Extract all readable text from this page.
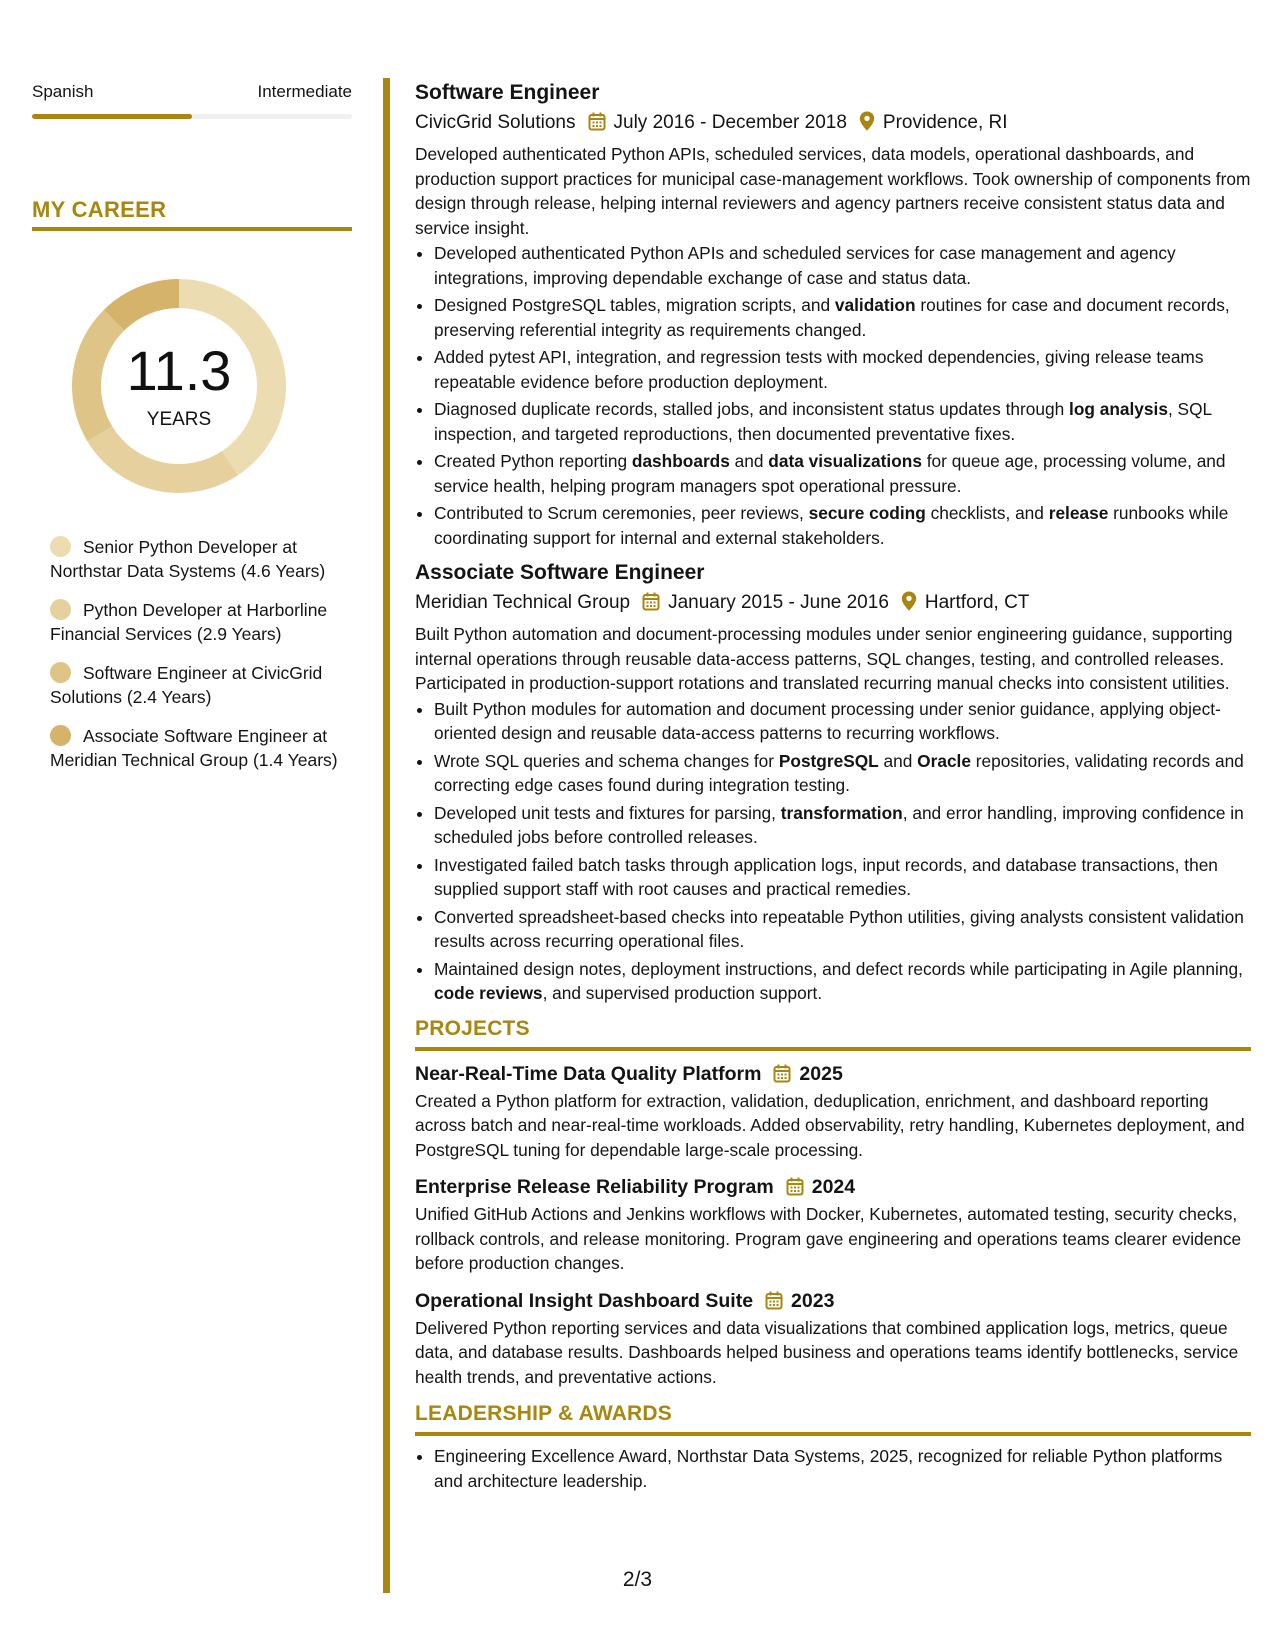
Spanish	Intermediate
MY CAREER
11.3
YEARS
Senior Python Developer at Northstar Data Systems (4.6 Years)
Python Developer at Harborline Financial Services (2.9 Years)
Software Engineer at CivicGrid Solutions (2.4 Years)
Associate Software Engineer at Meridian Technical Group (1.4 Years)
Software Engineer
CivicGrid Solutions July 2016 - December 2018 Providence, RI

Developed authenticated Python APIs, scheduled services, data models, operational dashboards, and production support practices for municipal case-management workflows. Took ownership of components from design through release, helping internal reviewers and agency partners receive consistent status data and service insight.

• Developed authenticated Python APIs and scheduled services for case management and agency integrations, improving dependable exchange of case and status data.
• Designed PostgreSQL tables, migration scripts, and validation routines for case and document records, preserving referential integrity as requirements changed.
• Added pytest API, integration, and regression tests with mocked dependencies, giving release teams repeatable evidence before production deployment.
• Diagnosed duplicate records, stalled jobs, and inconsistent status updates through log analysis, SQL inspection, and targeted reproductions, then documented preventative fixes.
• Created Python reporting dashboards and data visualizations for queue age, processing volume, and service health, helping program managers spot operational pressure.
• Contributed to Scrum ceremonies, peer reviews, secure coding checklists, and release runbooks while coordinating support for internal and external stakeholders.
Associate Software Engineer
Meridian Technical Group January 2015 - June 2016 Hartford, CT

Built Python automation and document-processing modules under senior engineering guidance, supporting internal operations through reusable data-access patterns, SQL changes, testing, and controlled releases. Participated in production-support rotations and translated recurring manual checks into consistent utilities.

• Built Python modules for automation and document processing under senior guidance, applying object-oriented design and reusable data-access patterns to recurring workflows.
• Wrote SQL queries and schema changes for PostgreSQL and Oracle repositories, validating records and correcting edge cases found during integration testing.
• Developed unit tests and fixtures for parsing, transformation, and error handling, improving confidence in scheduled jobs before controlled releases.
• Investigated failed batch tasks through application logs, input records, and database transactions, then supplied support staff with root causes and practical remedies.
• Converted spreadsheet-based checks into repeatable Python utilities, giving analysts consistent validation results across recurring operational files.
• Maintained design notes, deployment instructions, and defect records while participating in Agile planning, code reviews, and supervised production support.
PROJECTS
Near-Real-Time Data Quality Platform 2025

Created a Python platform for extraction, validation, deduplication, enrichment, and dashboard reporting across batch and near-real-time workloads. Added observability, retry handling, Kubernetes deployment, and PostgreSQL tuning for dependable large-scale processing.

Enterprise Release Reliability Program 2024

Unified GitHub Actions and Jenkins workflows with Docker, Kubernetes, automated testing, security checks, rollback controls, and release monitoring. Program gave engineering and operations teams clearer evidence before production changes.

Operational Insight Dashboard Suite 2023

Delivered Python reporting services and data visualizations that combined application logs, metrics, queue data, and database results. Dashboards helped business and operations teams identify bottlenecks, service health trends, and preventative actions.

LEADERSHIP & AWARDS
• Engineering Excellence Award, Northstar Data Systems, 2025, recognized for reliable Python platforms and architecture leadership.
2/3
